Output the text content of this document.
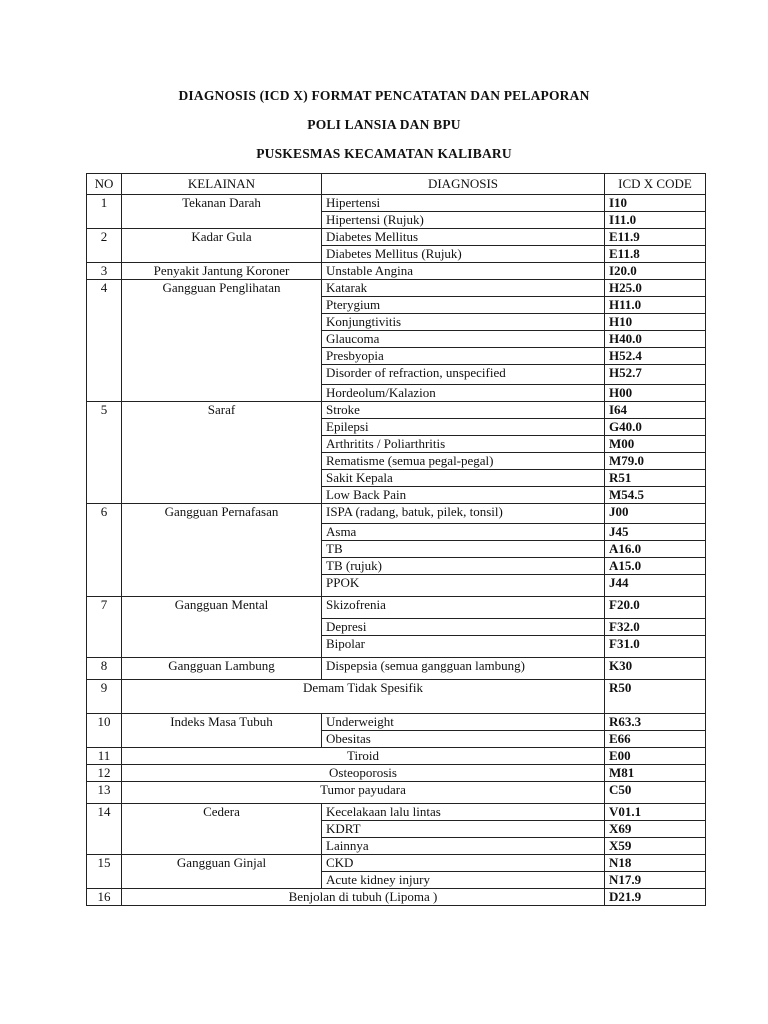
DIAGNOSIS (ICD X) FORMAT PENCATATAN DAN PELAPORAN
POLI LANSIA DAN BPU
PUSKESMAS KECAMATAN KALIBARU
NO	KELAINAN	DIAGNOSIS	ICD X CODE
1	Tekanan Darah	Hipertensi	I10
		Hipertensi (Rujuk)	I11.0
2	Kadar Gula	Diabetes Mellitus	E11.9
		Diabetes Mellitus (Rujuk)	E11.8
3	Penyakit Jantung Koroner	Unstable Angina	I20.0
4	Gangguan Penglihatan	Katarak	H25.0
		Pterygium	H11.0
		Konjungtivitis	H10
		Glaucoma	H40.0
		Presbyopia	H52.4
		Disorder of refraction, unspecified	H52.7
		Hordeolum/Kalazion	H00
5	Saraf	Stroke	I64
		Epilepsi	G40.0
		Arthritits / Poliarthritis	M00
		Rematisme (semua pegal-pegal)	M79.0
		Sakit Kepala	R51
		Low Back Pain	M54.5
6	Gangguan Pernafasan	ISPA (radang, batuk, pilek, tonsil)	J00
		Asma	J45
		TB	A16.0
		TB (rujuk)	A15.0
		PPOK	J44
7	Gangguan Mental	Skizofrenia	F20.0
		Depresi	F32.0
		Bipolar	F31.0
8	Gangguan Lambung	Dispepsia (semua gangguan lambung)	K30
9	Demam Tidak Spesifik		R50
10	Indeks Masa Tubuh	Underweight	R63.3
		Obesitas	E66
11	Tiroid		E00
12	Osteoporosis		M81
13	Tumor payudara		C50
14	Cedera	Kecelakaan lalu lintas	V01.1
		KDRT	X69
		Lainnya	X59
15	Gangguan Ginjal	CKD	N18
		Acute kidney injury	N17.9
16	Benjolan di tubuh (Lipoma )		D21.9
